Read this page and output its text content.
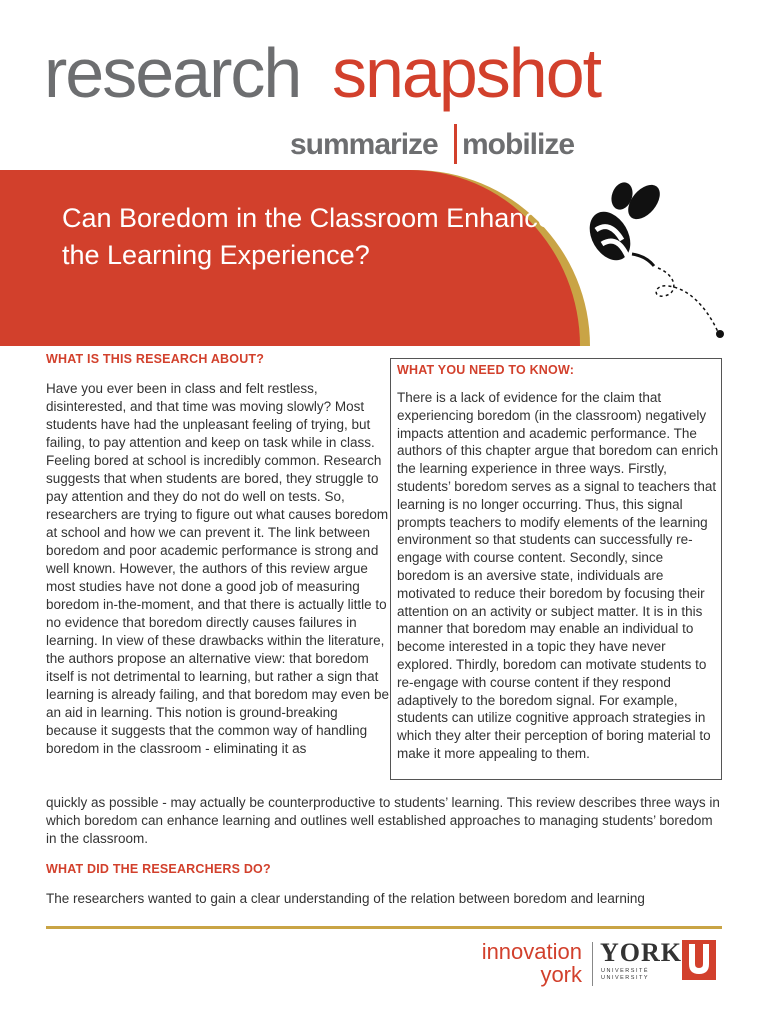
research snapshot
summarize mobilize
Can Boredom in the Classroom Enhance the Learning Experience?
WHAT IS THIS RESEARCH ABOUT?

Have you ever been in class and felt restless, disinterested, and that time was moving slowly? Most students have had the unpleasant feeling of trying, but failing, to pay attention and keep on task while in class. Feeling bored at school is incredibly common. Research suggests that when students are bored, they struggle to pay attention and they do not do well on tests. So, researchers are trying to figure out what causes boredom at school and how we can prevent it. The link between boredom and poor academic performance is strong and well known. However, the authors of this review argue most studies have not done a good job of measuring boredom in-the-moment, and that there is actually little to no evidence that boredom directly causes failures in learning. In view of these drawbacks within the literature, the authors propose an alternative view: that boredom itself is not detrimental to learning, but rather a sign that learning is already failing, and that boredom may even be an aid in learning. This notion is ground-breaking because it suggests that the common way of handling boredom in the classroom - eliminating it as

WHAT YOU NEED TO KNOW:

There is a lack of evidence for the claim that experiencing boredom (in the classroom) negatively impacts attention and academic performance. The authors of this chapter argue that boredom can enrich the learning experience in three ways. Firstly, students’ boredom serves as a signal to teachers that learning is no longer occurring. Thus, this signal prompts teachers to modify elements of the learning environment so that students can successfully re-engage with course content. Secondly, since boredom is an aversive state, individuals are motivated to reduce their boredom by focusing their attention on an activity or subject matter. It is in this manner that boredom may enable an individual to become interested in a topic they have never explored. Thirdly, boredom can motivate students to re-engage with course content if they respond adaptively to the boredom signal. For example, students can utilize cognitive approach strategies in which they alter their perception of boring material to make it more appealing to them.

quickly as possible - may actually be counterproductive to students’ learning. This review describes three ways in which boredom can enhance learning and outlines well established approaches to managing students’ boredom in the classroom.

WHAT DID THE RESEARCHERS DO?

The researchers wanted to gain a clear understanding of the relation between boredom and learning

innovation
york
YORK
UNIVERSITÉ
UNIVERSITY
